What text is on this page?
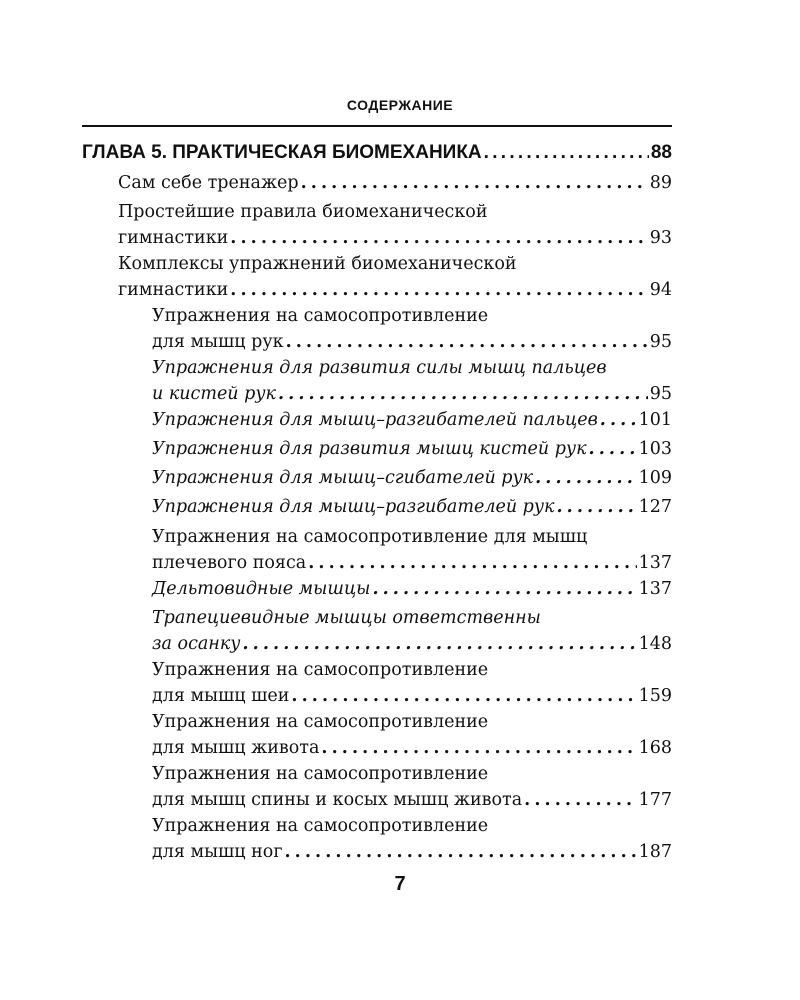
СОДЕРЖАНИЕ
ГЛАВА 5. ПРАКТИЧЕСКАЯ БИОМЕХАНИКА . . .	88
Сам себе тренажер . . .	89
Простейшие правила биомеханической
гимнастики . . .	93
Комплексы упражнений биомеханической
гимнастики . . .	94
Упражнения на самосопротивление
для мышц рук . . .	95
Упражнения для развития силы мышц пальцев
и кистей рук . . .	95
Упражнения для мышц–разгибателей пальцев . . . 101
Упражнения для развития мышц кистей рук . . .	103
Упражнения для мышц–сгибателей рук . . .	109
Упражнения для мышц–разгибателей рук . . .	127
Упражнения на самосопротивление для мышц
плечевого пояса . . .	137
Дельтовидные мышцы . . .	137
Трапециевидные мышцы ответственны
за осанку . . .	148
Упражнения на самосопротивление
для мышц шеи . . .	159
Упражнения на самосопротивление
для мышц живота . . .	168
Упражнения на самосопротивление
для мышц спины и косых мышц живота . . .	177
Упражнения на самосопротивление
для мышц ног . . .	187
7
